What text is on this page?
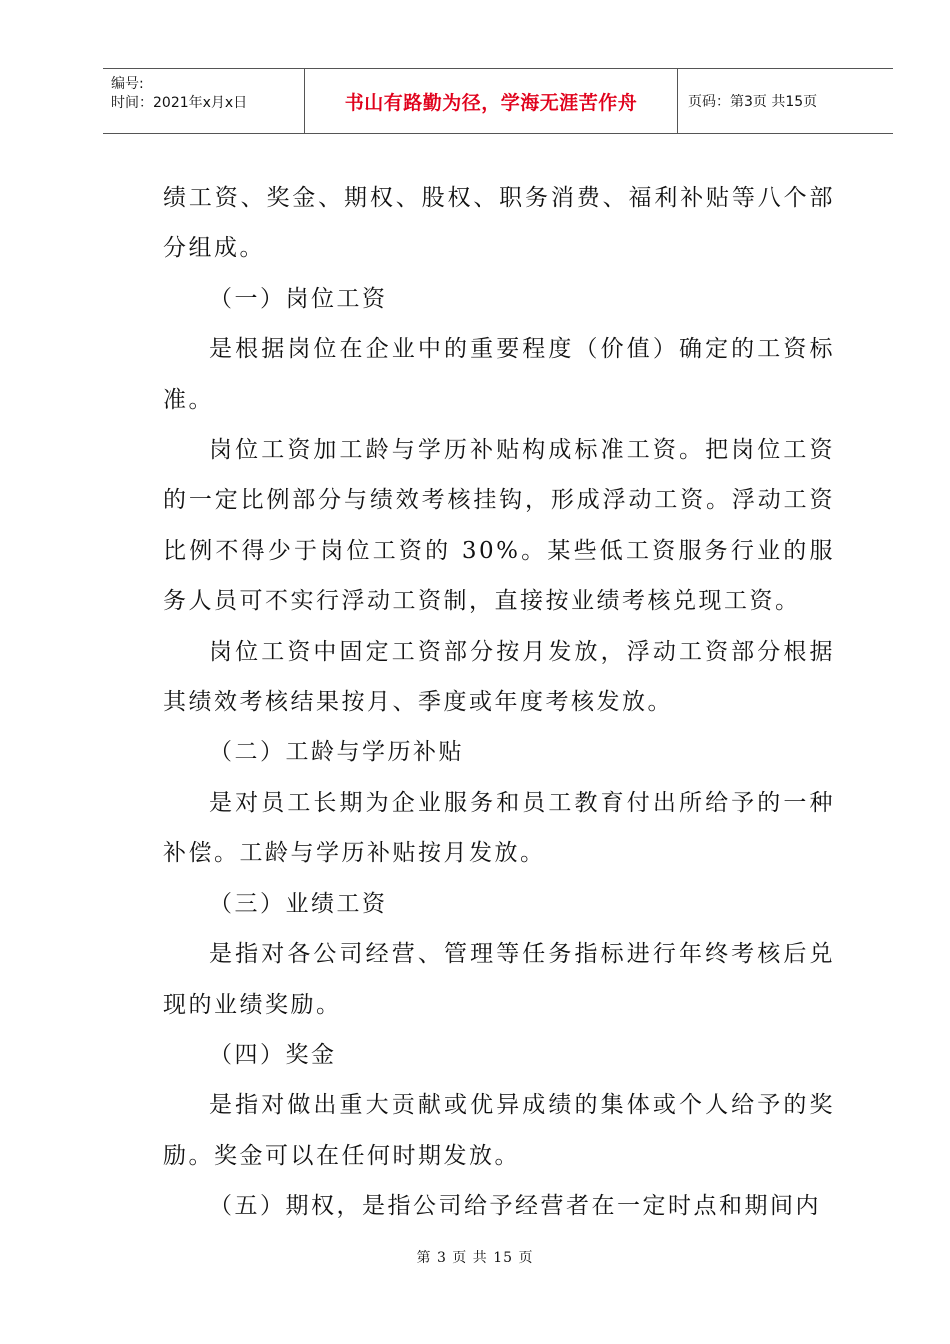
编号:
时间：2021年x月x日	书山有路勤为径，学海无涯苦作舟	页码：第3页 共15页

绩工资、奖金、期权、股权、职务消费、福利补贴等八个部分组成。

（一）岗位工资

是根据岗位在企业中的重要程度（价值）确定的工资标准。

岗位工资加工龄与学历补贴构成标准工资。把岗位工资的一定比例部分与绩效考核挂钩，形成浮动工资。浮动工资比例不得少于岗位工资的 30%。某些低工资服务行业的服务人员可不实行浮动工资制，直接按业绩考核兑现工资。

岗位工资中固定工资部分按月发放，浮动工资部分根据其绩效考核结果按月、季度或年度考核发放。

（二）工龄与学历补贴

是对员工长期为企业服务和员工教育付出所给予的一种补偿。工龄与学历补贴按月发放。

（三）业绩工资

是指对各公司经营、管理等任务指标进行年终考核后兑现的业绩奖励。

（四）奖金

是指对做出重大贡献或优异成绩的集体或个人给予的奖励。奖金可以在任何时期发放。

（五）期权，是指公司给予经营者在一定时点和期间内

第 3 页 共 15 页
